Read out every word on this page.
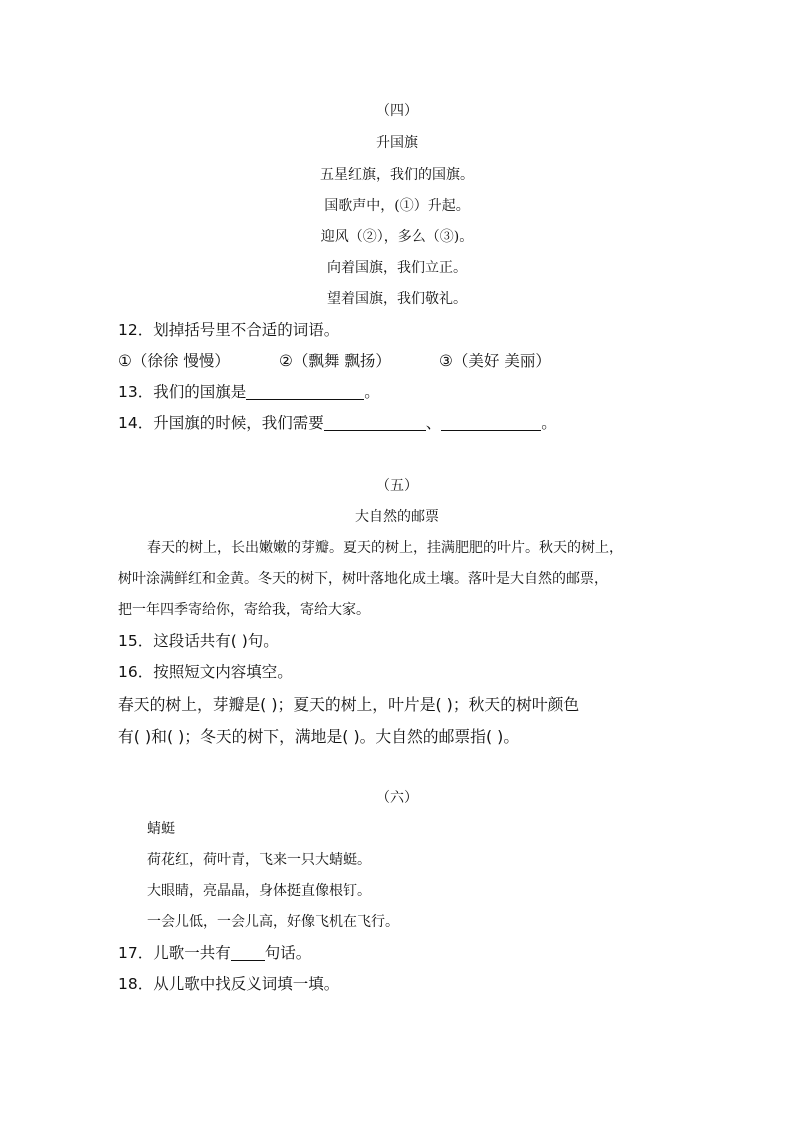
（四）
升国旗
五星红旗，我们的国旗。
国歌声中，(①）升起。
迎风（②），多么（③)。
向着国旗，我们立正。
望着国旗，我们敬礼。
12．划掉括号里不合适的词语。
①（徐徐 慢慢）	②（飘舞 飘扬）	③（美好 美丽）
13．我们的国旗是	。
14．升国旗的时候，我们需要	、	。
（五）
大自然的邮票
春天的树上，长出嫩嫩的芽瓣。夏天的树上，挂满肥肥的叶片。秋天的树上，
树叶涂满鲜红和金黄。冬天的树下，树叶落地化成土壤。落叶是大自然的邮票，
把一年四季寄给你，寄给我，寄给大家。
15．这段话共有( )句。
16．按照短文内容填空。
春天的树上，芽瓣是( )；夏天的树上，叶片是( )；秋天的树叶颜色
有( )和( )；冬天的树下，满地是( )。大自然的邮票指( )。
（六）
蜻蜓
荷花红，荷叶青，飞来一只大蜻蜓。
大眼睛，亮晶晶，身体挺直像根钉。
一会儿低，一会儿高，好像飞机在飞行。
17．儿歌一共有 句话。
18．从儿歌中找反义词填一填。
